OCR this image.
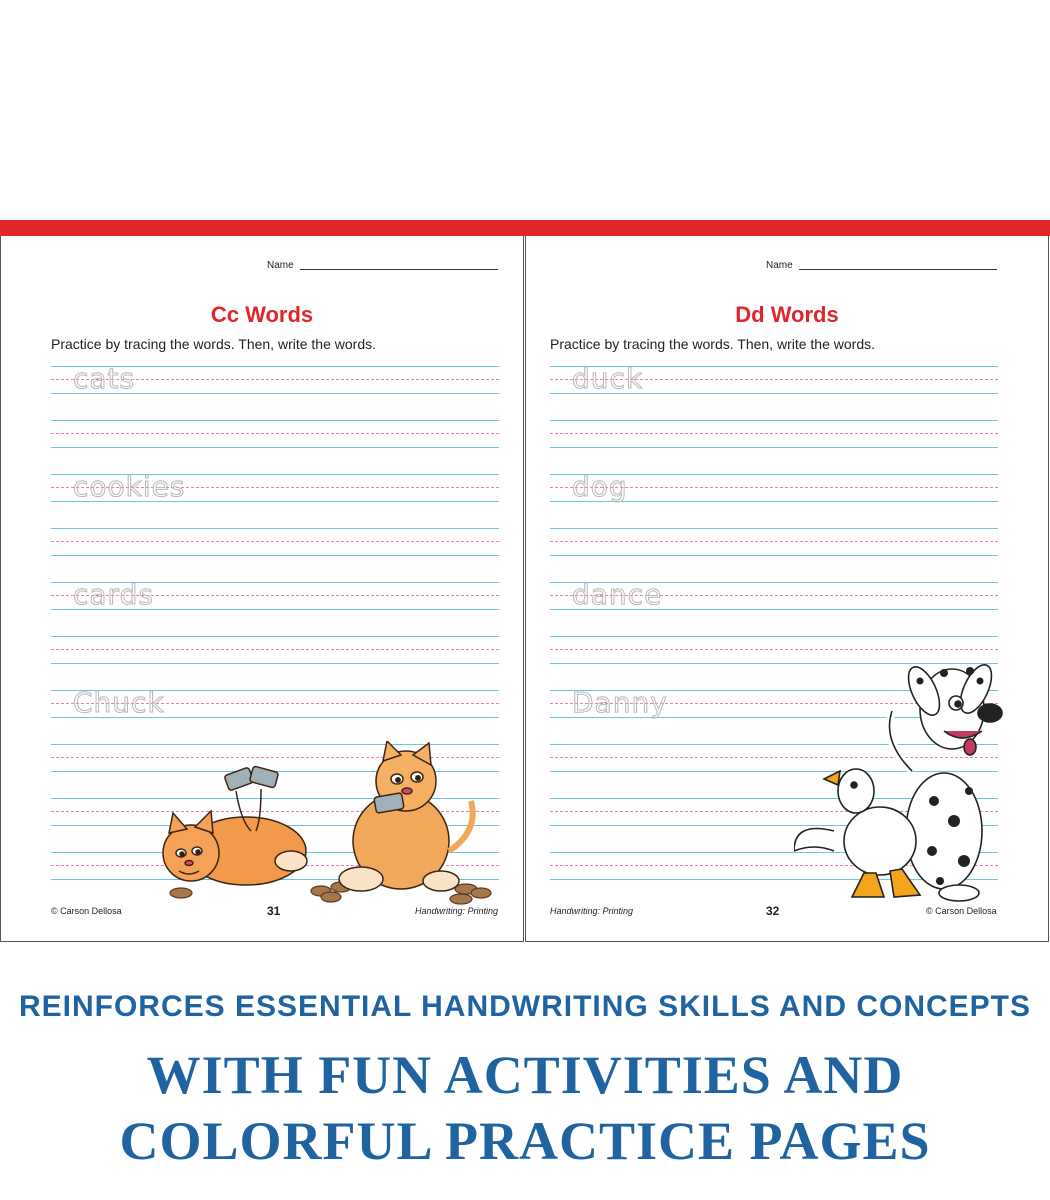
Name
Cc Words
Practice by tracing the words. Then, write the words.
cats
cookies
cards
Chuck
© Carson Dellosa	31	Handwriting: Printing
Name
Dd Words
Practice by tracing the words. Then, write the words.
duck
dog
dance
Danny
Handwriting: Printing	32	© Carson Dellosa
REINFORCES ESSENTIAL HANDWRITING SKILLS AND CONCEPTS
WITH FUN ACTIVITIES AND
COLORFUL PRACTICE PAGES
